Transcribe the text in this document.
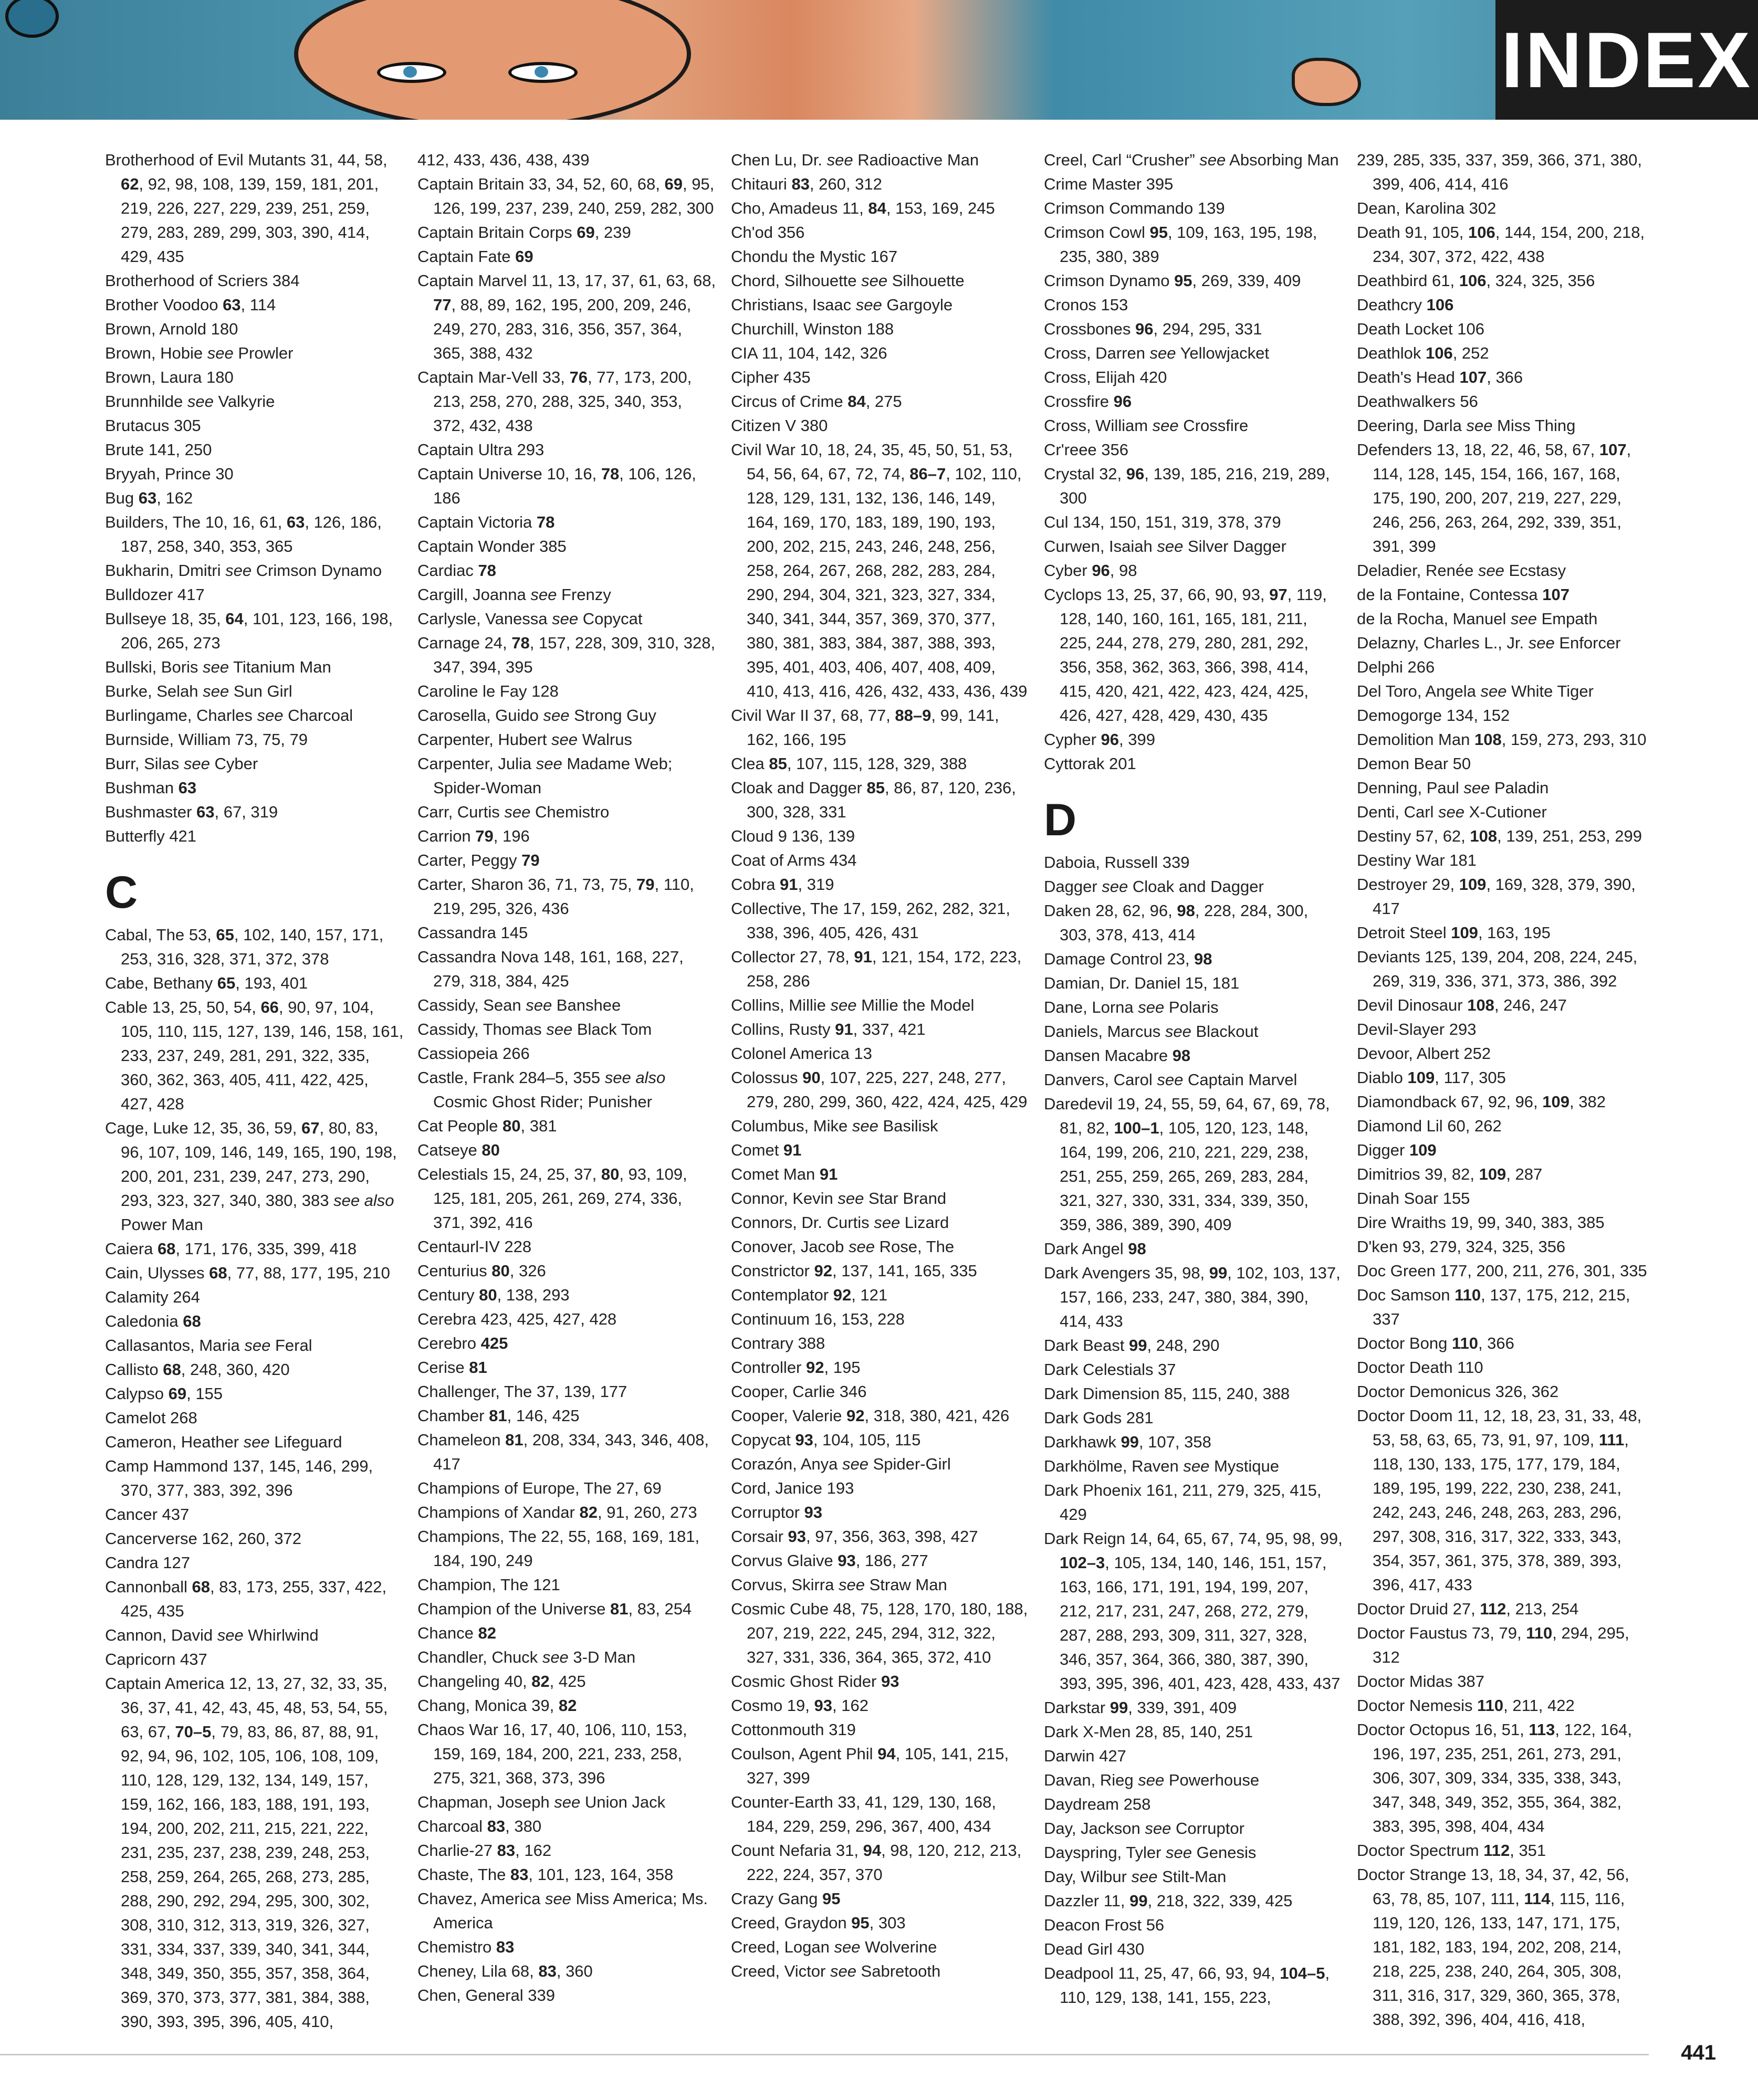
INDEX

Brotherhood of Evil Mutants 31, 44, 58, 62, 92, 98, 108, 139, 159, 181, 201, 219, 226, 227, 229, 239, 251, 259, 279, 283, 289, 299, 303, 390, 414, 429, 435

Brotherhood of Scriers 384

Brother Voodoo 63, 114

Brown, Arnold 180

Brown, Hobie see Prowler

Brown, Laura 180

Brunnhilde see Valkyrie

Brutacus 305

Brute 141, 250

Bryyah, Prince 30

Bug 63, 162

Builders, The 10, 16, 61, 63, 126, 186, 187, 258, 340, 353, 365

Bukharin, Dmitri see Crimson Dynamo

Bulldozer 417

Bullseye 18, 35, 64, 101, 123, 166, 198, 206, 265, 273

Bullski, Boris see Titanium Man

Burke, Selah see Sun Girl

Burlingame, Charles see Charcoal

Burnside, William 73, 75, 79

Burr, Silas see Cyber

Bushman 63

Bushmaster 63, 67, 319

Butterfly 421

C

Cabal, The 53, 65, 102, 140, 157, 171, 253, 316, 328, 371, 372, 378

Cabe, Bethany 65, 193, 401

Cable 13, 25, 50, 54, 66, 90, 97, 104, 105, 110, 115, 127, 139, 146, 158, 161, 233, 237, 249, 281, 291, 322, 335, 360, 362, 363, 405, 411, 422, 425, 427, 428

Cage, Luke 12, 35, 36, 59, 67, 80, 83, 96, 107, 109, 146, 149, 165, 190, 198, 200, 201, 231, 239, 247, 273, 290, 293, 323, 327, 340, 380, 383 see also Power Man

Caiera 68, 171, 176, 335, 399, 418

Cain, Ulysses 68, 77, 88, 177, 195, 210

Calamity 264

Caledonia 68

Callasantos, Maria see Feral

Callisto 68, 248, 360, 420

Calypso 69, 155

Camelot 268

Cameron, Heather see Lifeguard

Camp Hammond 137, 145, 146, 299, 370, 377, 383, 392, 396

Cancer 437

Cancerverse 162, 260, 372

Candra 127

Cannonball 68, 83, 173, 255, 337, 422, 425, 435

Cannon, David see Whirlwind

Capricorn 437

Captain America 12, 13, 27, 32, 33, 35, 36, 37, 41, 42, 43, 45, 48, 53, 54, 55, 63, 67, 70–5, 79, 83, 86, 87, 88, 91, 92, 94, 96, 102, 105, 106, 108, 109, 110, 128, 129, 132, 134, 149, 157, 159, 162, 166, 183, 188, 191, 193, 194, 200, 202, 211, 215, 221, 222, 231, 235, 237, 238, 239, 248, 253, 258, 259, 264, 265, 268, 273, 285, 288, 290, 292, 294, 295, 300, 302, 308, 310, 312, 313, 319, 326, 327, 331, 334, 337, 339, 340, 341, 344, 348, 349, 350, 355, 357, 358, 364, 369, 370, 373, 377, 381, 384, 388, 390, 393, 395, 396, 405, 410,

412, 433, 436, 438, 439

Captain Britain 33, 34, 52, 60, 68, 69, 95, 126, 199, 237, 239, 240, 259, 282, 300

Captain Britain Corps 69, 239

Captain Fate 69

Captain Marvel 11, 13, 17, 37, 61, 63, 68, 77, 88, 89, 162, 195, 200, 209, 246, 249, 270, 283, 316, 356, 357, 364, 365, 388, 432

Captain Mar-Vell 33, 76, 77, 173, 200, 213, 258, 270, 288, 325, 340, 353, 372, 432, 438

Captain Ultra 293

Captain Universe 10, 16, 78, 106, 126, 186

Captain Victoria 78

Captain Wonder 385

Cardiac 78

Cargill, Joanna see Frenzy

Carlysle, Vanessa see Copycat

Carnage 24, 78, 157, 228, 309, 310, 328, 347, 394, 395

Caroline le Fay 128

Carosella, Guido see Strong Guy

Carpenter, Hubert see Walrus

Carpenter, Julia see Madame Web; Spider-Woman

Carr, Curtis see Chemistro

Carrion 79, 196

Carter, Peggy 79

Carter, Sharon 36, 71, 73, 75, 79, 110, 219, 295, 326, 436

Cassandra 145

Cassandra Nova 148, 161, 168, 227, 279, 318, 384, 425

Cassidy, Sean see Banshee

Cassidy, Thomas see Black Tom

Cassiopeia 266

Castle, Frank 284–5, 355 see also Cosmic Ghost Rider; Punisher

Cat People 80, 381

Catseye 80

Celestials 15, 24, 25, 37, 80, 93, 109, 125, 181, 205, 261, 269, 274, 336, 371, 392, 416

Centaurl-IV 228

Centurius 80, 326

Century 80, 138, 293

Cerebra 423, 425, 427, 428

Cerebro 425

Cerise 81

Challenger, The 37, 139, 177

Chamber 81, 146, 425

Chameleon 81, 208, 334, 343, 346, 408, 417

Champions of Europe, The 27, 69

Champions of Xandar 82, 91, 260, 273

Champions, The 22, 55, 168, 169, 181, 184, 190, 249

Champion, The 121

Champion of the Universe 81, 83, 254

Chance 82

Chandler, Chuck see 3-D Man

Changeling 40, 82, 425

Chang, Monica 39, 82

Chaos War 16, 17, 40, 106, 110, 153, 159, 169, 184, 200, 221, 233, 258, 275, 321, 368, 373, 396

Chapman, Joseph see Union Jack

Charcoal 83, 380

Charlie-27 83, 162

Chaste, The 83, 101, 123, 164, 358

Chavez, America see Miss America; Ms. America

Chemistro 83

Cheney, Lila 68, 83, 360

Chen, General 339

Chen Lu, Dr. see Radioactive Man

Chitauri 83, 260, 312

Cho, Amadeus 11, 84, 153, 169, 245

Ch'od 356

Chondu the Mystic 167

Chord, Silhouette see Silhouette

Christians, Isaac see Gargoyle

Churchill, Winston 188

CIA 11, 104, 142, 326

Cipher 435

Circus of Crime 84, 275

Citizen V 380

Civil War 10, 18, 24, 35, 45, 50, 51, 53, 54, 56, 64, 67, 72, 74, 86–7, 102, 110, 128, 129, 131, 132, 136, 146, 149, 164, 169, 170, 183, 189, 190, 193, 200, 202, 215, 243, 246, 248, 256, 258, 264, 267, 268, 282, 283, 284, 290, 294, 304, 321, 323, 327, 334, 340, 341, 344, 357, 369, 370, 377, 380, 381, 383, 384, 387, 388, 393, 395, 401, 403, 406, 407, 408, 409, 410, 413, 416, 426, 432, 433, 436, 439

Civil War II 37, 68, 77, 88–9, 99, 141, 162, 166, 195

Clea 85, 107, 115, 128, 329, 388

Cloak and Dagger 85, 86, 87, 120, 236, 300, 328, 331

Cloud 9 136, 139

Coat of Arms 434

Cobra 91, 319

Collective, The 17, 159, 262, 282, 321, 338, 396, 405, 426, 431

Collector 27, 78, 91, 121, 154, 172, 223, 258, 286

Collins, Millie see Millie the Model

Collins, Rusty 91, 337, 421

Colonel America 13

Colossus 90, 107, 225, 227, 248, 277, 279, 280, 299, 360, 422, 424, 425, 429

Columbus, Mike see Basilisk

Comet 91

Comet Man 91

Connor, Kevin see Star Brand

Connors, Dr. Curtis see Lizard

Conover, Jacob see Rose, The

Constrictor 92, 137, 141, 165, 335

Contemplator 92, 121

Continuum 16, 153, 228

Contrary 388

Controller 92, 195

Cooper, Carlie 346

Cooper, Valerie 92, 318, 380, 421, 426

Copycat 93, 104, 105, 115

Corazón, Anya see Spider-Girl

Cord, Janice 193

Corruptor 93

Corsair 93, 97, 356, 363, 398, 427

Corvus Glaive 93, 186, 277

Corvus, Skirra see Straw Man

Cosmic Cube 48, 75, 128, 170, 180, 188, 207, 219, 222, 245, 294, 312, 322, 327, 331, 336, 364, 365, 372, 410

Cosmic Ghost Rider 93

Cosmo 19, 93, 162

Cottonmouth 319

Coulson, Agent Phil 94, 105, 141, 215, 327, 399

Counter-Earth 33, 41, 129, 130, 168, 184, 229, 259, 296, 367, 400, 434

Count Nefaria 31, 94, 98, 120, 212, 213, 222, 224, 357, 370

Crazy Gang 95

Creed, Graydon 95, 303

Creed, Logan see Wolverine

Creed, Victor see Sabretooth

Creel, Carl “Crusher” see Absorbing Man

Crime Master 395

Crimson Commando 139

Crimson Cowl 95, 109, 163, 195, 198, 235, 380, 389

Crimson Dynamo 95, 269, 339, 409

Cronos 153

Crossbones 96, 294, 295, 331

Cross, Darren see Yellowjacket

Cross, Elijah 420

Crossfire 96

Cross, William see Crossfire

Cr'reee 356

Crystal 32, 96, 139, 185, 216, 219, 289, 300

Cul 134, 150, 151, 319, 378, 379

Curwen, Isaiah see Silver Dagger

Cyber 96, 98

Cyclops 13, 25, 37, 66, 90, 93, 97, 119, 128, 140, 160, 161, 165, 181, 211, 225, 244, 278, 279, 280, 281, 292, 356, 358, 362, 363, 366, 398, 414, 415, 420, 421, 422, 423, 424, 425, 426, 427, 428, 429, 430, 435

Cypher 96, 399

Cyttorak 201

D

Daboia, Russell 339

Dagger see Cloak and Dagger

Daken 28, 62, 96, 98, 228, 284, 300, 303, 378, 413, 414

Damage Control 23, 98

Damian, Dr. Daniel 15, 181

Dane, Lorna see Polaris

Daniels, Marcus see Blackout

Dansen Macabre 98

Danvers, Carol see Captain Marvel

Daredevil 19, 24, 55, 59, 64, 67, 69, 78, 81, 82, 100–1, 105, 120, 123, 148, 164, 199, 206, 210, 221, 229, 238, 251, 255, 259, 265, 269, 283, 284, 321, 327, 330, 331, 334, 339, 350, 359, 386, 389, 390, 409

Dark Angel 98

Dark Avengers 35, 98, 99, 102, 103, 137, 157, 166, 233, 247, 380, 384, 390, 414, 433

Dark Beast 99, 248, 290

Dark Celestials 37

Dark Dimension 85, 115, 240, 388

Dark Gods 281

Darkhawk 99, 107, 358

Darkhölme, Raven see Mystique

Dark Phoenix 161, 211, 279, 325, 415, 429

Dark Reign 14, 64, 65, 67, 74, 95, 98, 99, 102–3, 105, 134, 140, 146, 151, 157, 163, 166, 171, 191, 194, 199, 207, 212, 217, 231, 247, 268, 272, 279, 287, 288, 293, 309, 311, 327, 328, 346, 357, 364, 366, 380, 387, 390, 393, 395, 396, 401, 423, 428, 433, 437

Darkstar 99, 339, 391, 409

Dark X-Men 28, 85, 140, 251

Darwin 427

Davan, Rieg see Powerhouse

Daydream 258

Day, Jackson see Corruptor

Dayspring, Tyler see Genesis

Day, Wilbur see Stilt-Man

Dazzler 11, 99, 218, 322, 339, 425

Deacon Frost 56

Dead Girl 430

Deadpool 11, 25, 47, 66, 93, 94, 104–5, 110, 129, 138, 141, 155, 223,

239, 285, 335, 337, 359, 366, 371, 380, 399, 406, 414, 416

Dean, Karolina 302

Death 91, 105, 106, 144, 154, 200, 218, 234, 307, 372, 422, 438

Deathbird 61, 106, 324, 325, 356

Deathcry 106

Death Locket 106

Deathlok 106, 252

Death's Head 107, 366

Deathwalkers 56

Deering, Darla see Miss Thing

Defenders 13, 18, 22, 46, 58, 67, 107, 114, 128, 145, 154, 166, 167, 168, 175, 190, 200, 207, 219, 227, 229, 246, 256, 263, 264, 292, 339, 351, 391, 399

Deladier, Renée see Ecstasy

de la Fontaine, Contessa 107

de la Rocha, Manuel see Empath

Delazny, Charles L., Jr. see Enforcer

Delphi 266

Del Toro, Angela see White Tiger

Demogorge 134, 152

Demolition Man 108, 159, 273, 293, 310

Demon Bear 50

Denning, Paul see Paladin

Denti, Carl see X-Cutioner

Destiny 57, 62, 108, 139, 251, 253, 299

Destiny War 181

Destroyer 29, 109, 169, 328, 379, 390, 417

Detroit Steel 109, 163, 195

Deviants 125, 139, 204, 208, 224, 245, 269, 319, 336, 371, 373, 386, 392

Devil Dinosaur 108, 246, 247

Devil-Slayer 293

Devoor, Albert 252

Diablo 109, 117, 305

Diamondback 67, 92, 96, 109, 382

Diamond Lil 60, 262

Digger 109

Dimitrios 39, 82, 109, 287

Dinah Soar 155

Dire Wraiths 19, 99, 340, 383, 385

D'ken 93, 279, 324, 325, 356

Doc Green 177, 200, 211, 276, 301, 335

Doc Samson 110, 137, 175, 212, 215, 337

Doctor Bong 110, 366

Doctor Death 110

Doctor Demonicus 326, 362

Doctor Doom 11, 12, 18, 23, 31, 33, 48, 53, 58, 63, 65, 73, 91, 97, 109, 111, 118, 130, 133, 175, 177, 179, 184, 189, 195, 199, 222, 230, 238, 241, 242, 243, 246, 248, 263, 283, 296, 297, 308, 316, 317, 322, 333, 343, 354, 357, 361, 375, 378, 389, 393, 396, 417, 433

Doctor Druid 27, 112, 213, 254

Doctor Faustus 73, 79, 110, 294, 295, 312

Doctor Midas 387

Doctor Nemesis 110, 211, 422

Doctor Octopus 16, 51, 113, 122, 164, 196, 197, 235, 251, 261, 273, 291, 306, 307, 309, 334, 335, 338, 343, 347, 348, 349, 352, 355, 364, 382, 383, 395, 398, 404, 434

Doctor Spectrum 112, 351

Doctor Strange 13, 18, 34, 37, 42, 56, 63, 78, 85, 107, 111, 114, 115, 116, 119, 120, 126, 133, 147, 171, 175, 181, 182, 183, 194, 202, 208, 214, 218, 225, 238, 240, 264, 305, 308, 311, 316, 317, 329, 360, 365, 378, 388, 392, 396, 404, 416, 418,

441
